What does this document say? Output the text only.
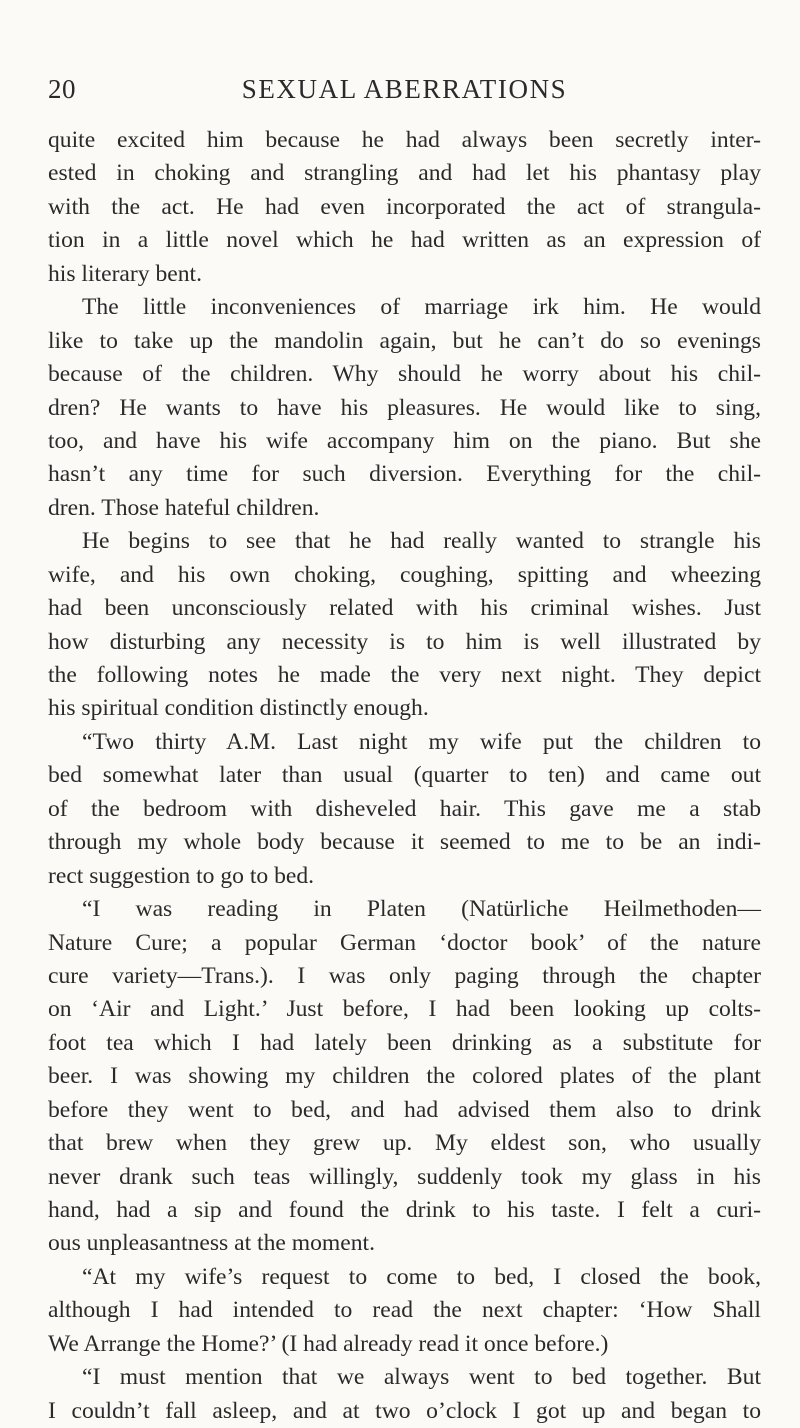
20	SEXUAL ABERRATIONS
quite excited him because he had always been secretly inter-
ested in choking and strangling and had let his phantasy play
with the act. He had even incorporated the act of strangula-
tion in a little novel which he had written as an expression of
his literary bent.
The little inconveniences of marriage irk him. He would
like to take up the mandolin again, but he can’t do so evenings
because of the children. Why should he worry about his chil-
dren? He wants to have his pleasures. He would like to sing,
too, and have his wife accompany him on the piano. But she
hasn’t any time for such diversion. Everything for the chil-
dren. Those hateful children.
He begins to see that he had really wanted to strangle his
wife, and his own choking, coughing, spitting and wheezing
had been unconsciously related with his criminal wishes. Just
how disturbing any necessity is to him is well illustrated by
the following notes he made the very next night. They depict
his spiritual condition distinctly enough.
“Two thirty A.M. Last night my wife put the children to
bed somewhat later than usual (quarter to ten) and came out
of the bedroom with disheveled hair. This gave me a stab
through my whole body because it seemed to me to be an indi-
rect suggestion to go to bed.
“I was reading in Platen (Natürliche Heilmethoden—
Nature Cure; a popular German ‘doctor book’ of the nature
cure variety—Trans.). I was only paging through the chapter
on ‘Air and Light.’ Just before, I had been looking up colts-
foot tea which I had lately been drinking as a substitute for
beer. I was showing my children the colored plates of the plant
before they went to bed, and had advised them also to drink
that brew when they grew up. My eldest son, who usually
never drank such teas willingly, suddenly took my glass in his
hand, had a sip and found the drink to his taste. I felt a curi-
ous unpleasantness at the moment.
“At my wife’s request to come to bed, I closed the book,
although I had intended to read the next chapter: ‘How Shall
We Arrange the Home?’ (I had already read it once before.)
“I must mention that we always went to bed together. But
I couldn’t fall asleep, and at two o’clock I got up and began to
